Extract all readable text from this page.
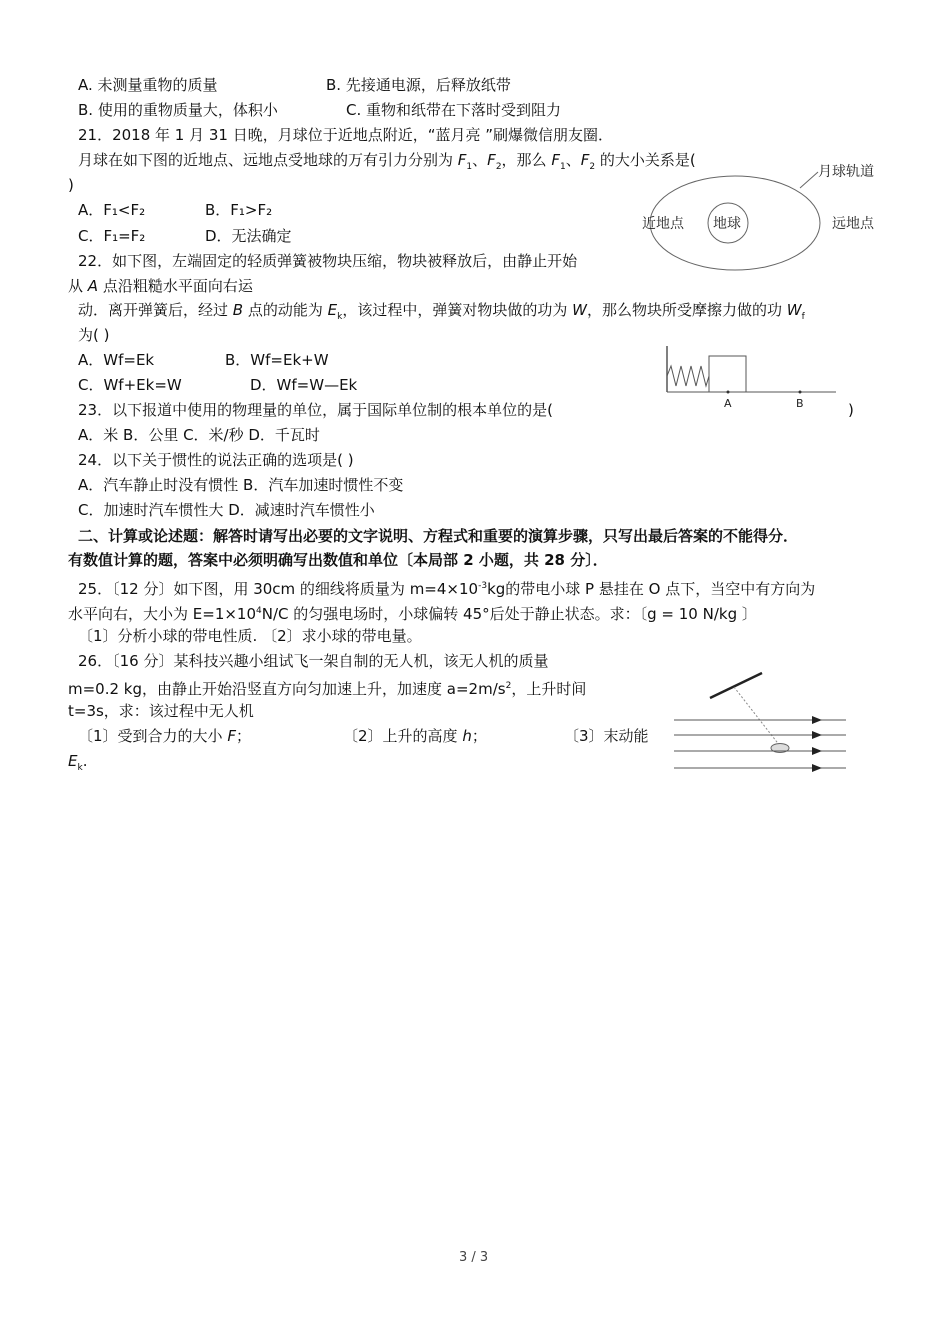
A. 未测量重物的质量	B. 先接通电源，后释放纸带
B. 使用的重物质量大，体积小	C. 重物和纸带在下落时受到阻力
21．2018 年 1 月 31 日晚，月球位于近地点附近，“蓝月亮 ”刷爆微信朋友圈．
月球在如下图的近地点、远地点受地球的万有引力分别为 $F_1$、$F_2$，那么 $F_1$、$F_2$ 的大小关系是(
)
A．F₁<F₂	B．F₁>F₂
C．F₁=F₂	D．无法确定
月球轨道
近地点 地球	远地点
22．如下图，左端固定的轻质弹簧被物块压缩，物块被释放后，由静止开始
从 A 点沿粗糙水平面向右运
动．离开弹簧后，经过 B 点的动能为 $E_k$，该过程中，弹簧对物块做的功为 W，那么物块所受摩擦力做的功 $W_f$
为( )
A．Wf=Ek	B．Wf=Ek+W
C．Wf+Ek=W	D．Wf=W—Ek
A	B
23．以下报道中使用的物理量的单位，属于国际单位制的根本单位的是(	)
A．米 B．公里 C．米/秒 D．千瓦时
24．以下关于惯性的说法正确的选项是( )
A．汽车静止时没有惯性 B．汽车加速时惯性不变
C．加速时汽车惯性大 D．减速时汽车惯性小
二、计算或论述题：解答时请写出必要的文字说明、方程式和重要的演算步骤，只写出最后答案的不能得分．
有数值计算的题，答案中必须明确写出数值和单位〔本局部 2 小题，共 28 分〕．
25．〔12 分〕如下图，用 30cm 的细线将质量为 $m=4\times 10^{-3}kg$的带电小球 P 悬挂在 O 点下，当空中有方向为
水平向右，大小为 $E=1\times 10^4N/C$ 的匀强电场时，小球偏转 45°后处于静止状态。求：〔g = 10 N/kg 〕
〔1〕分析小球的带电性质. 〔2〕求小球的带电量。
26．〔16 分〕某科技兴趣小组试飞一架自制的无人机，该无人机的质量
m=0.2 kg，由静止开始沿竖直方向匀加速上升，加速度 $a=2m/s^2$，上升时间
t=3s，求：该过程中无人机
〔1〕受到合力的大小 F；	〔2〕上升的高度 h；	〔3〕末动能
$E_k$.
3 / 3
